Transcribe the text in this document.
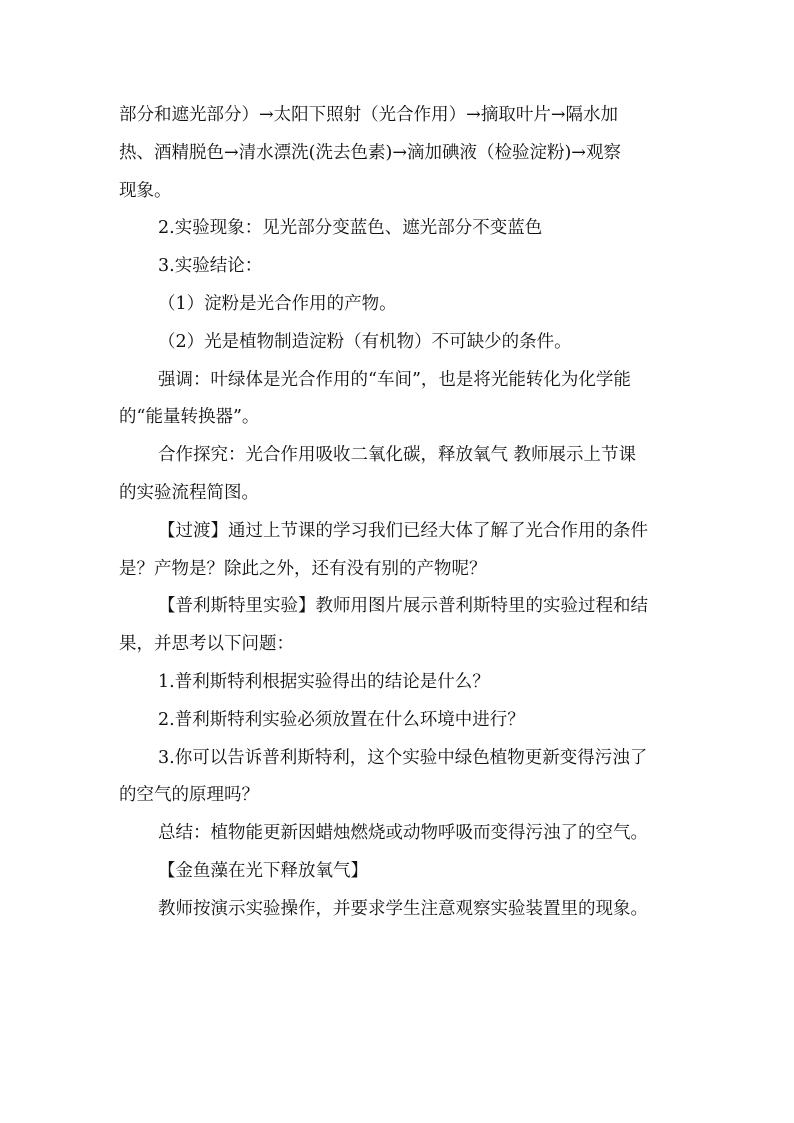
部分和遮光部分）→太阳下照射（光合作用）→摘取叶片→隔水加
热、酒精脱色→清水漂洗(洗去色素)→滴加碘液（检验淀粉)→观察
现象。
2.实验现象：见光部分变蓝色、遮光部分不变蓝色
3.实验结论：
（1）淀粉是光合作用的产物。
（2）光是植物制造淀粉（有机物）不可缺少的条件。
强调：叶绿体是光合作用的“车间”，也是将光能转化为化学能
的“能量转换器”。
合作探究：光合作用吸收二氧化碳，释放氧气 教师展示上节课
的实验流程简图。
【过渡】通过上节课的学习我们已经大体了解了光合作用的条件
是？产物是？除此之外，还有没有别的产物呢？
【普利斯特里实验】教师用图片展示普利斯特里的实验过程和结
果，并思考以下问题：
1.普利斯特利根据实验得出的结论是什么？
2.普利斯特利实验必须放置在什么环境中进行？
3.你可以告诉普利斯特利，这个实验中绿色植物更新变得污浊了
的空气的原理吗？
总结：植物能更新因蜡烛燃烧或动物呼吸而变得污浊了的空气。
【金鱼藻在光下释放氧气】
教师按演示实验操作，并要求学生注意观察实验装置里的现象。
